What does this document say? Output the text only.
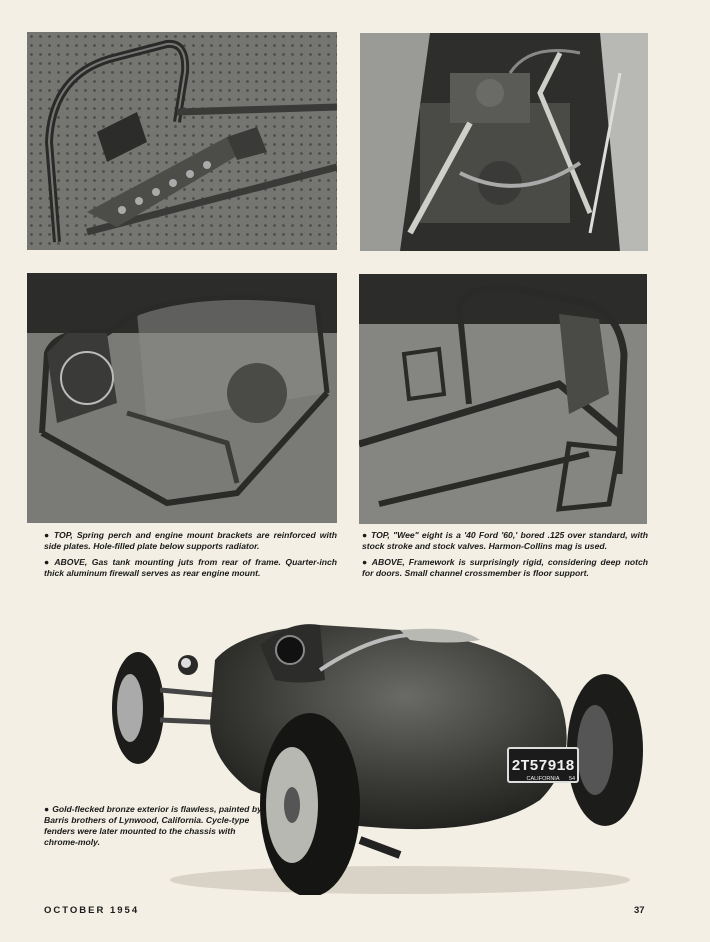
● TOP, Spring perch and engine mount brackets are reinforced with side plates. Hole-filled plate below supports radiator.

● ABOVE, Gas tank mounting juts from rear of frame. Quarter-inch thick aluminum firewall serves as rear engine mount.

● TOP, "Wee" eight is a '40 Ford '60,' bored .125 over standard, with stock stroke and stock valves. Harmon-Collins mag is used.

● ABOVE, Framework is surprisingly rigid, considering deep notch for doors. Small channel crossmember is floor support.

2T57918
CALIFORNIA 54

● Gold-flecked bronze exterior is flawless, painted by Barris brothers of Lynwood, California. Cycle-type fenders were later mounted to the chassis with chrome-moly.

OCTOBER 1954	37
